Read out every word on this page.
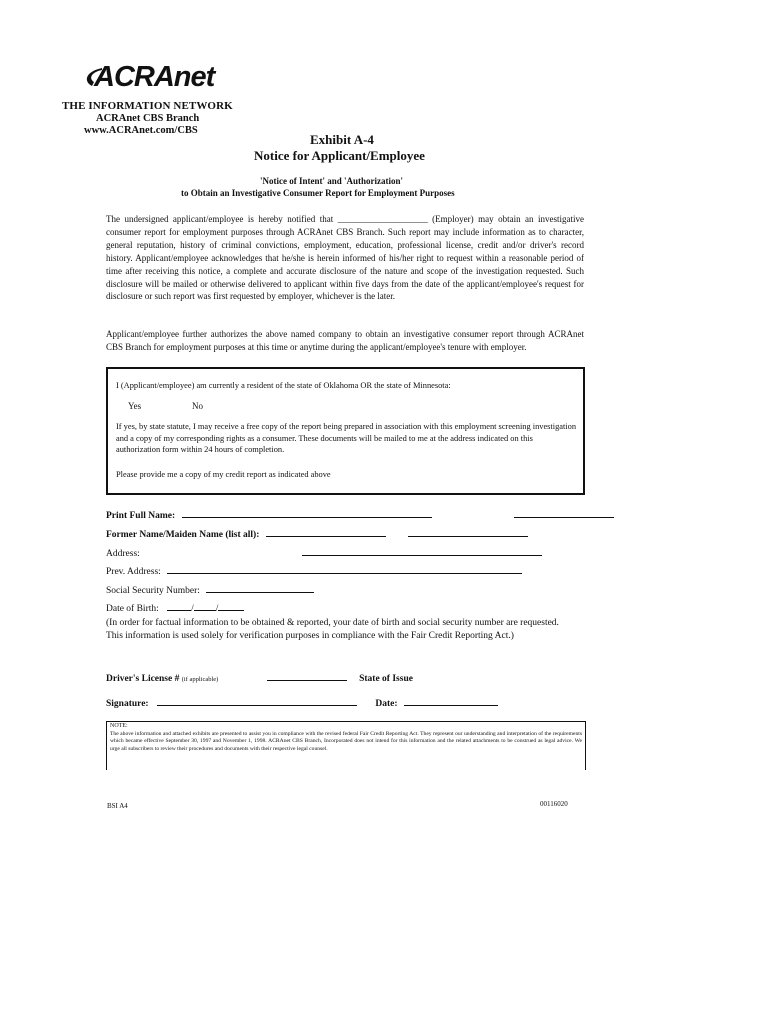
ACRAnet
THE INFORMATION NETWORK
ACRAnet CBS Branch
www.ACRAnet.com/CBS
Exhibit A-4
Notice for Applicant/Employee
'Notice of Intent' and 'Authorization'
to Obtain an Investigative Consumer Report for Employment Purposes
The undersigned applicant/employee is hereby notified that ____________________ (Employer) may obtain an investigative consumer report for employment purposes through ACRAnet CBS Branch. Such report may include information as to character, general reputation, history of criminal convictions, employment, education, professional license, credit and/or driver's record history. Applicant/employee acknowledges that he/she is herein informed of his/her right to request within a reasonable period of time after receiving this notice, a complete and accurate disclosure of the nature and scope of the investigation requested. Such disclosure will be mailed or otherwise delivered to applicant within five days from the date of the applicant/employee's request for disclosure or such report was first requested by employer, whichever is the later.
Applicant/employee further authorizes the above named company to obtain an investigative consumer report through ACRAnet CBS Branch for employment purposes at this time or anytime during the applicant/employee's tenure with employer.
I (Applicant/employee) am currently a resident of the state of Oklahoma OR the state of Minnesota:
Yes	No
If yes, by state statute, I may receive a free copy of the report being prepared in association with this employment screening investigation and a copy of my corresponding rights as a consumer. These documents will be mailed to me at the address indicated on this authorization form within 24 hours of completion.
Please provide me a copy of my credit report as indicated above
Print Full Name:
Former Name/Maiden Name (list all):
Address:
Prev. Address:
Social Security Number:
Date of Birth:	/ /
(In order for factual information to be obtained & reported, your date of birth and social security number are requested. This information is used solely for verification purposes in compliance with the Fair Credit Reporting Act.)
Driver's License # (if applicable)	State of Issue
Signature:	Date:
NOTE:
The above information and attached exhibits are presented to assist you in compliance with the revised federal Fair Credit Reporting Act. They represent our understanding and interpretation of the requirements which became effective September 30, 1997 and November 1, 1998. ACRAnet CBS Branch, Incorporated does not intend for this information and the related attachments to be construed as legal advice. We urge all subscribers to review their procedures and documents with their respective legal counsel.
BSI A4	00116020
